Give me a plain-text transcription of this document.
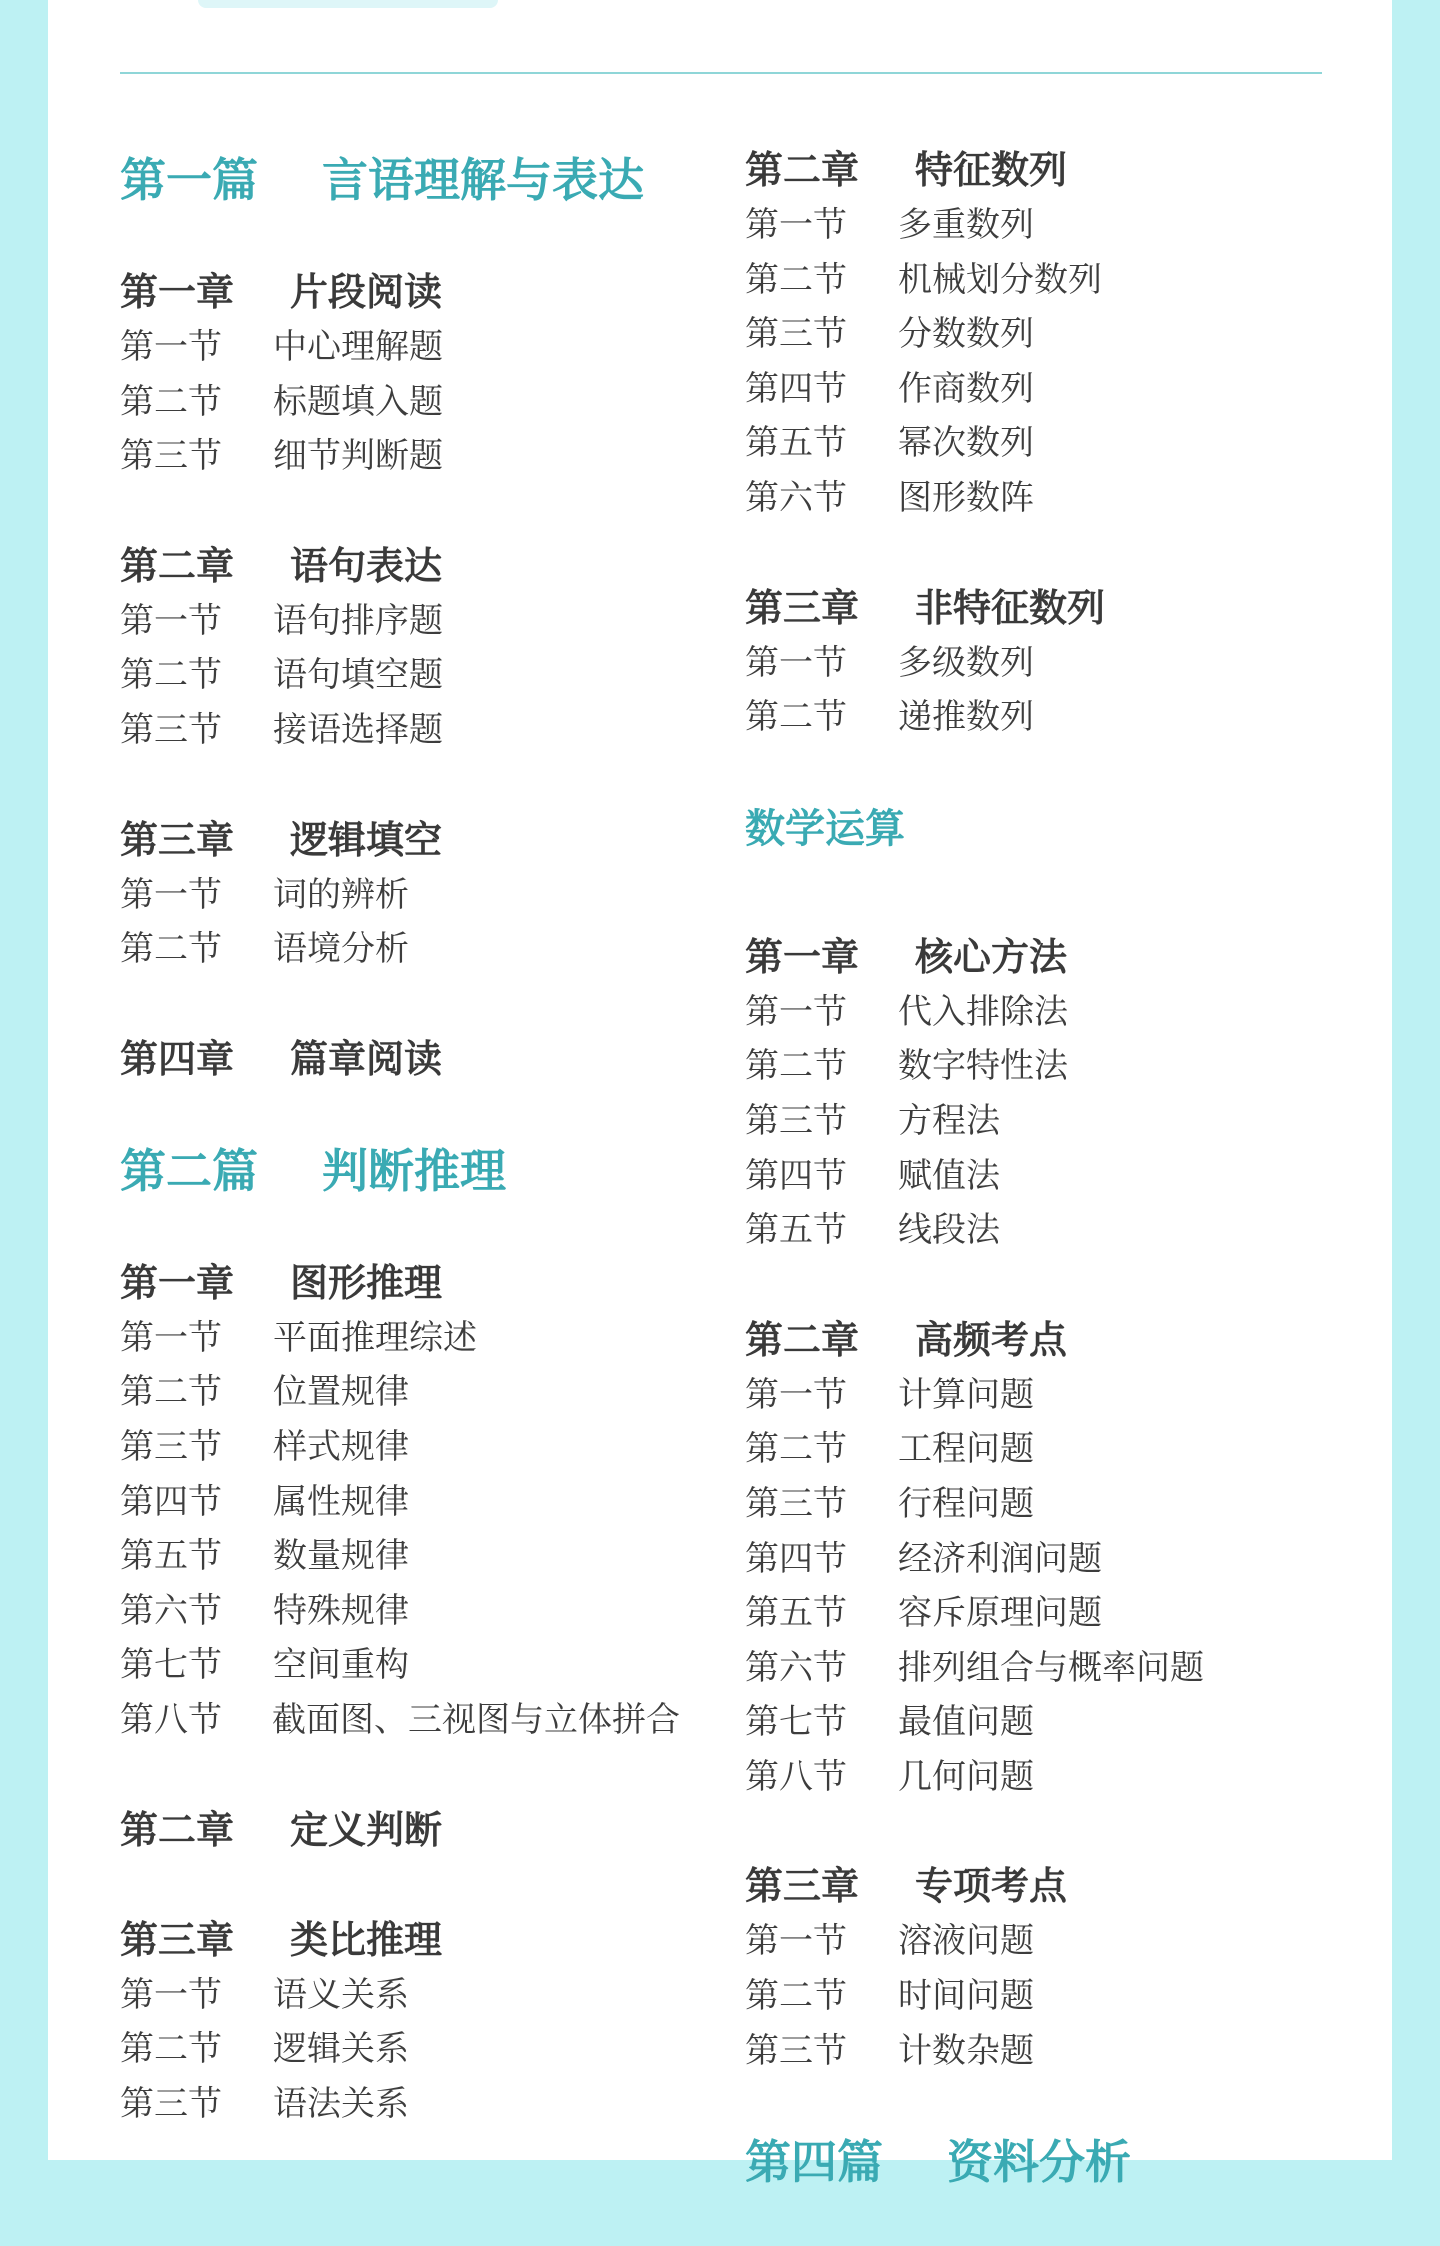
第一篇	言语理解与表达
第一章	片段阅读
第一节	中心理解题
第二节	标题填入题
第三节	细节判断题
第二章	语句表达
第一节	语句排序题
第二节	语句填空题
第三节	接语选择题
第三章	逻辑填空
第一节	词的辨析
第二节	语境分析
第四章	篇章阅读
第二篇	判断推理
第一章	图形推理
第一节	平面推理综述
第二节	位置规律
第三节	样式规律
第四节	属性规律
第五节	数量规律
第六节	特殊规律
第七节	空间重构
第八节	截面图、三视图与立体拼合
第二章	定义判断
第三章	类比推理
第一节	语义关系
第二节	逻辑关系
第三节	语法关系
第二章	特征数列
第一节	多重数列
第二节	机械划分数列
第三节	分数数列
第四节	作商数列
第五节	幂次数列
第六节	图形数阵
第三章	非特征数列
第一节	多级数列
第二节	递推数列
数学运算
第一章	核心方法
第一节	代入排除法
第二节	数字特性法
第三节	方程法
第四节	赋值法
第五节	线段法
第二章	高频考点
第一节	计算问题
第二节	工程问题
第三节	行程问题
第四节	经济利润问题
第五节	容斥原理问题
第六节	排列组合与概率问题
第七节	最值问题
第八节	几何问题
第三章	专项考点
第一节	溶液问题
第二节	时间问题
第三节	计数杂题
第四篇	资料分析
